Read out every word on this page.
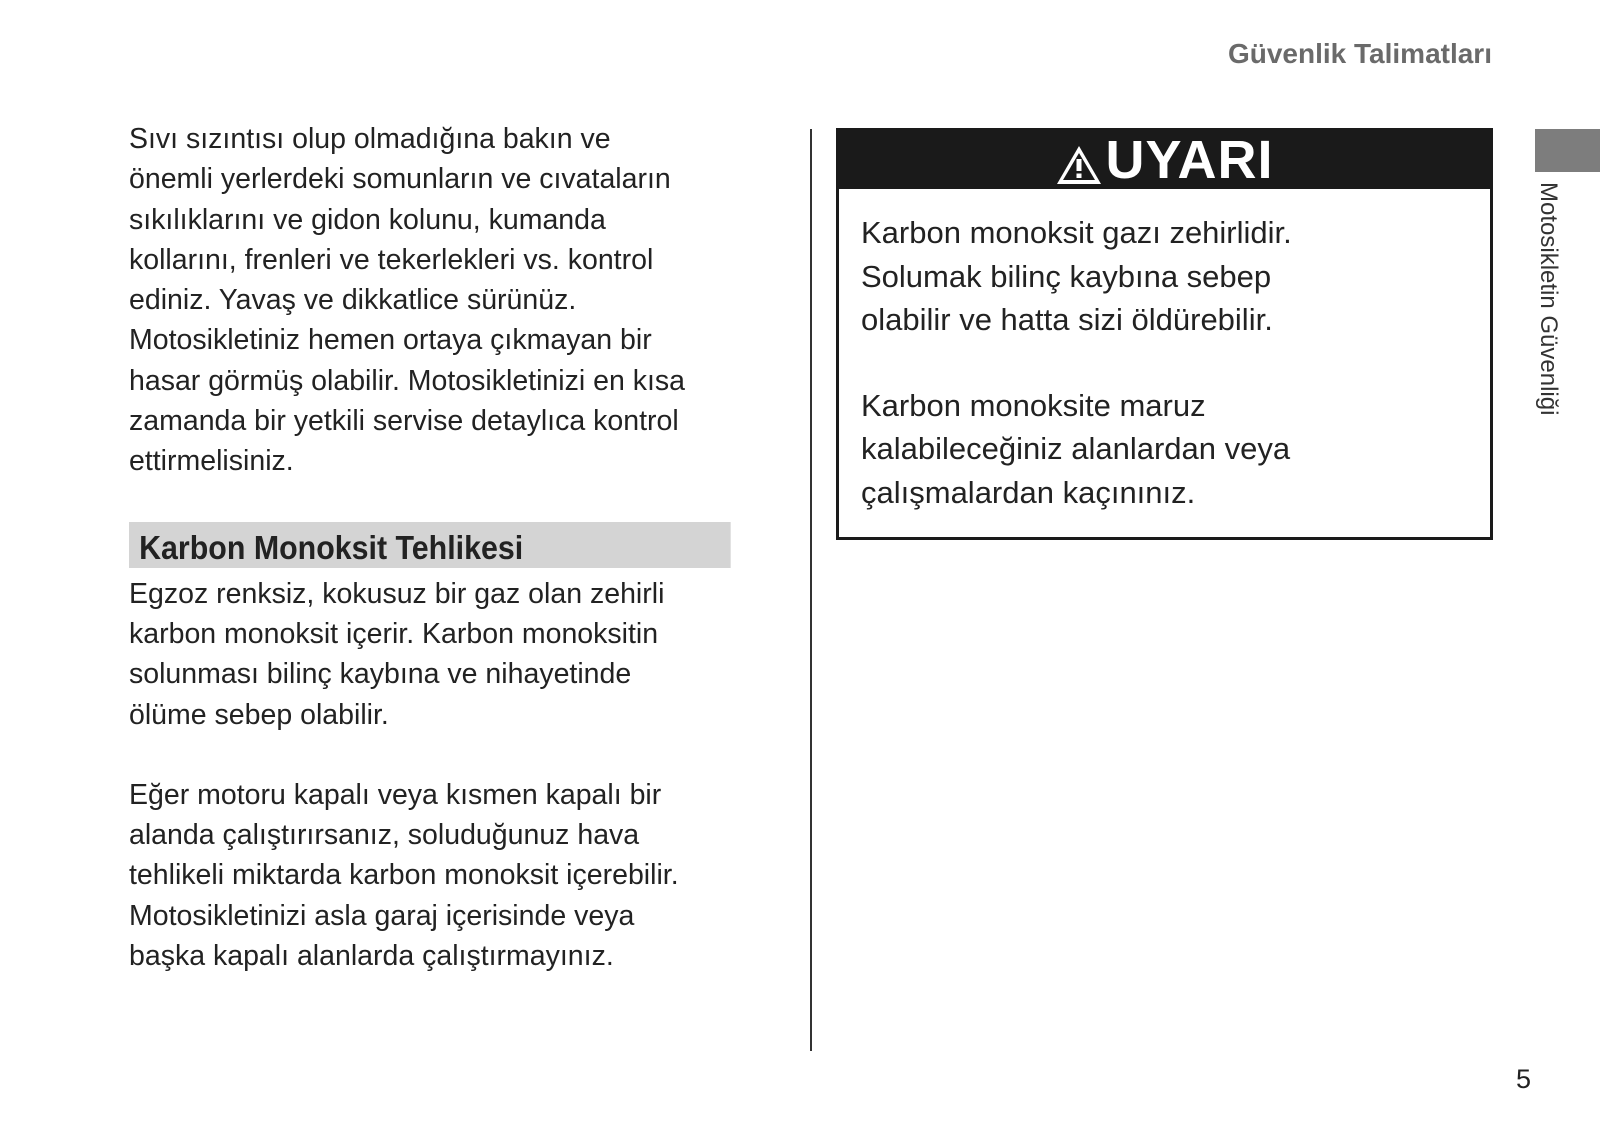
Güvenlik Talimatları
Motosikletin Güvenliği

Sıvı sızıntısı olup olmadığına bakın ve
önemli yerlerdeki somunların ve cıvataların
sıkılıklarını ve gidon kolunu, kumanda
kollarını, frenleri ve tekerlekleri vs. kontrol
ediniz. Yavaş ve dikkatlice sürünüz.
Motosikletiniz hemen ortaya çıkmayan bir
hasar görmüş olabilir. Motosikletinizi en kısa
zamanda bir yetkili servise detaylıca kontrol
ettirmelisiniz.

Karbon Monoksit Tehlikesi

Egzoz renksiz, kokusuz bir gaz olan zehirli
karbon monoksit içerir. Karbon monoksitin
solunması bilinç kaybına ve nihayetinde
ölüme sebep olabilir.

Eğer motoru kapalı veya kısmen kapalı bir
alanda çalıştırırsanız, soluduğunuz hava
tehlikeli miktarda karbon monoksit içerebilir.
Motosikletinizi asla garaj içerisinde veya
başka kapalı alanlarda çalıştırmayınız.

UYARI

Karbon monoksit gazı zehirlidir.
Solumak bilinç kaybına sebep
olabilir ve hatta sizi öldürebilir.

Karbon monoksite maruz
kalabileceğiniz alanlardan veya
çalışmalardan kaçınınız.

5
